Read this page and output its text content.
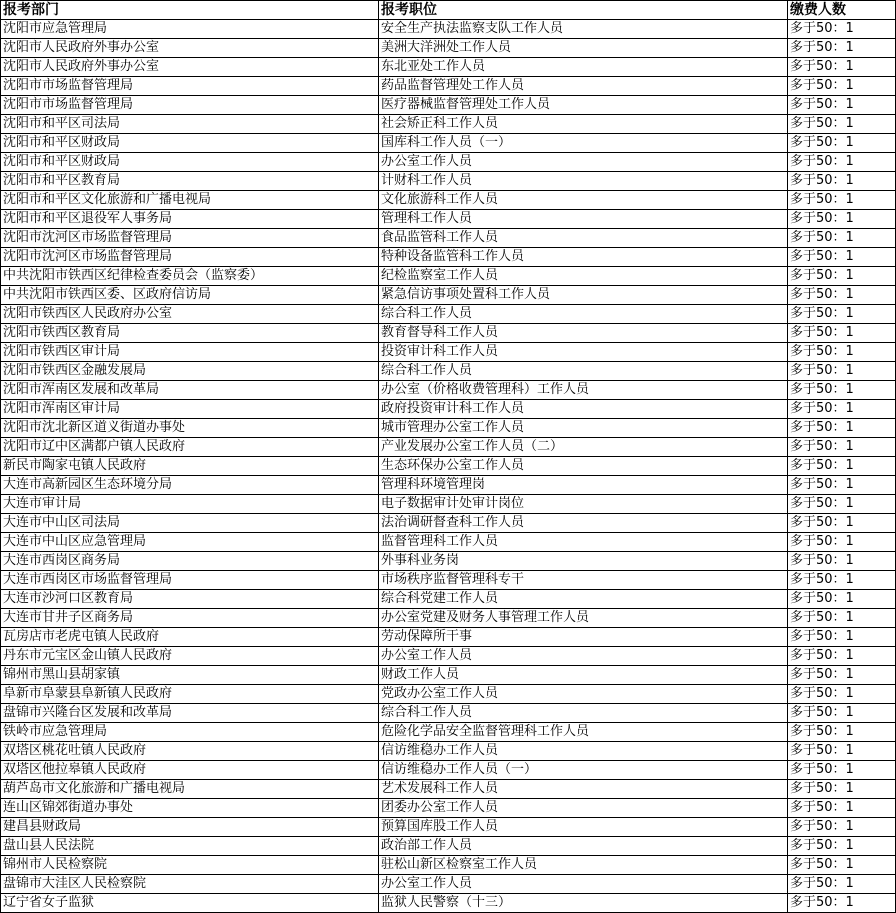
报考部门	报考职位	缴费人数
沈阳市应急管理局	安全生产执法监察支队工作人员	多于50：1
沈阳市人民政府外事办公室	美洲大洋洲处工作人员	多于50：1
沈阳市人民政府外事办公室	东北亚处工作人员	多于50：1
沈阳市市场监督管理局	药品监督管理处工作人员	多于50：1
沈阳市市场监督管理局	医疗器械监督管理处工作人员	多于50：1
沈阳市和平区司法局	社会矫正科工作人员	多于50：1
沈阳市和平区财政局	国库科工作人员（一）	多于50：1
沈阳市和平区财政局	办公室工作人员	多于50：1
沈阳市和平区教育局	计财科工作人员	多于50：1
沈阳市和平区文化旅游和广播电视局	文化旅游科工作人员	多于50：1
沈阳市和平区退役军人事务局	管理科工作人员	多于50：1
沈阳市沈河区市场监督管理局	食品监管科工作人员	多于50：1
沈阳市沈河区市场监督管理局	特种设备监管科工作人员	多于50：1
中共沈阳市铁西区纪律检查委员会（监察委）	纪检监察室工作人员	多于50：1
中共沈阳市铁西区委、区政府信访局	紧急信访事项处置科工作人员	多于50：1
沈阳市铁西区人民政府办公室	综合科工作人员	多于50：1
沈阳市铁西区教育局	教育督导科工作人员	多于50：1
沈阳市铁西区审计局	投资审计科工作人员	多于50：1
沈阳市铁西区金融发展局	综合科工作人员	多于50：1
沈阳市浑南区发展和改革局	办公室（价格收费管理科）工作人员	多于50：1
沈阳市浑南区审计局	政府投资审计科工作人员	多于50：1
沈阳市沈北新区道义街道办事处	城市管理办公室工作人员	多于50：1
沈阳市辽中区满都户镇人民政府	产业发展办公室工作人员（二）	多于50：1
新民市陶家屯镇人民政府	生态环保办公室工作人员	多于50：1
大连市高新园区生态环境分局	管理科环境管理岗	多于50：1
大连市审计局	电子数据审计处审计岗位	多于50：1
大连市中山区司法局	法治调研督查科工作人员	多于50：1
大连市中山区应急管理局	监督管理科工作人员	多于50：1
大连市西岗区商务局	外事科业务岗	多于50：1
大连市西岗区市场监督管理局	市场秩序监督管理科专干	多于50：1
大连市沙河口区教育局	综合科党建工作人员	多于50：1
大连市甘井子区商务局	办公室党建及财务人事管理工作人员	多于50：1
瓦房店市老虎屯镇人民政府	劳动保障所干事	多于50：1
丹东市元宝区金山镇人民政府	办公室工作人员	多于50：1
锦州市黑山县胡家镇	财政工作人员	多于50：1
阜新市阜蒙县阜新镇人民政府	党政办公室工作人员	多于50：1
盘锦市兴隆台区发展和改革局	综合科工作人员	多于50：1
铁岭市应急管理局	危险化学品安全监督管理科工作人员	多于50：1
双塔区桃花吐镇人民政府	信访维稳办工作人员	多于50：1
双塔区他拉皋镇人民政府	信访维稳办工作人员（一）	多于50：1
葫芦岛市文化旅游和广播电视局	艺术发展科工作人员	多于50：1
连山区锦郊街道办事处	团委办公室工作人员	多于50：1
建昌县财政局	预算国库股工作人员	多于50：1
盘山县人民法院	政治部工作人员	多于50：1
锦州市人民检察院	驻松山新区检察室工作人员	多于50：1
盘锦市大洼区人民检察院	办公室工作人员	多于50：1
辽宁省女子监狱	监狱人民警察（十三）	多于50：1
